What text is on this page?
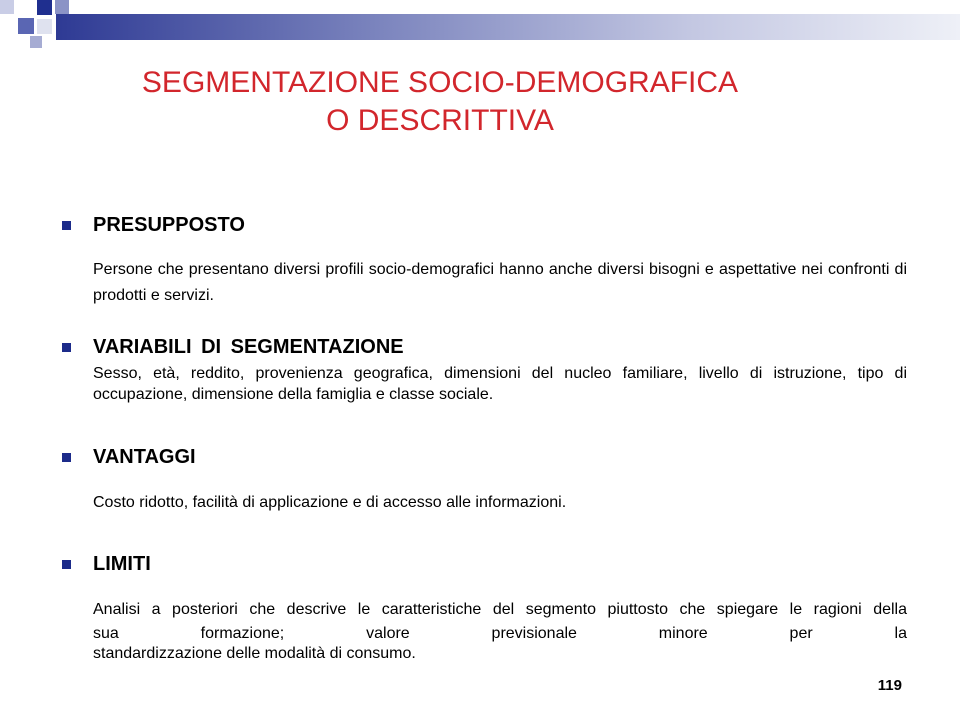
SEGMENTAZIONE SOCIO-DEMOGRAFICA
O DESCRITTIVA
PRESUPPOSTO
Persone che presentano diversi profili socio-demografici hanno anche diversi bisogni e aspettative nei confronti di prodotti e servizi.
VARIABILI DI SEGMENTAZIONE
Sesso, età, reddito, provenienza geografica, dimensioni del nucleo familiare, livello di istruzione, tipo di occupazione, dimensione della famiglia e classe sociale.
VANTAGGI
Costo ridotto, facilità di applicazione e di accesso alle informazioni.
LIMITI
Analisi a posteriori che descrive le caratteristiche del segmento piuttosto che spiegare le ragioni della sua formazione; valore previsionale minore per la
standardizzazione delle modalità di consumo.
119
